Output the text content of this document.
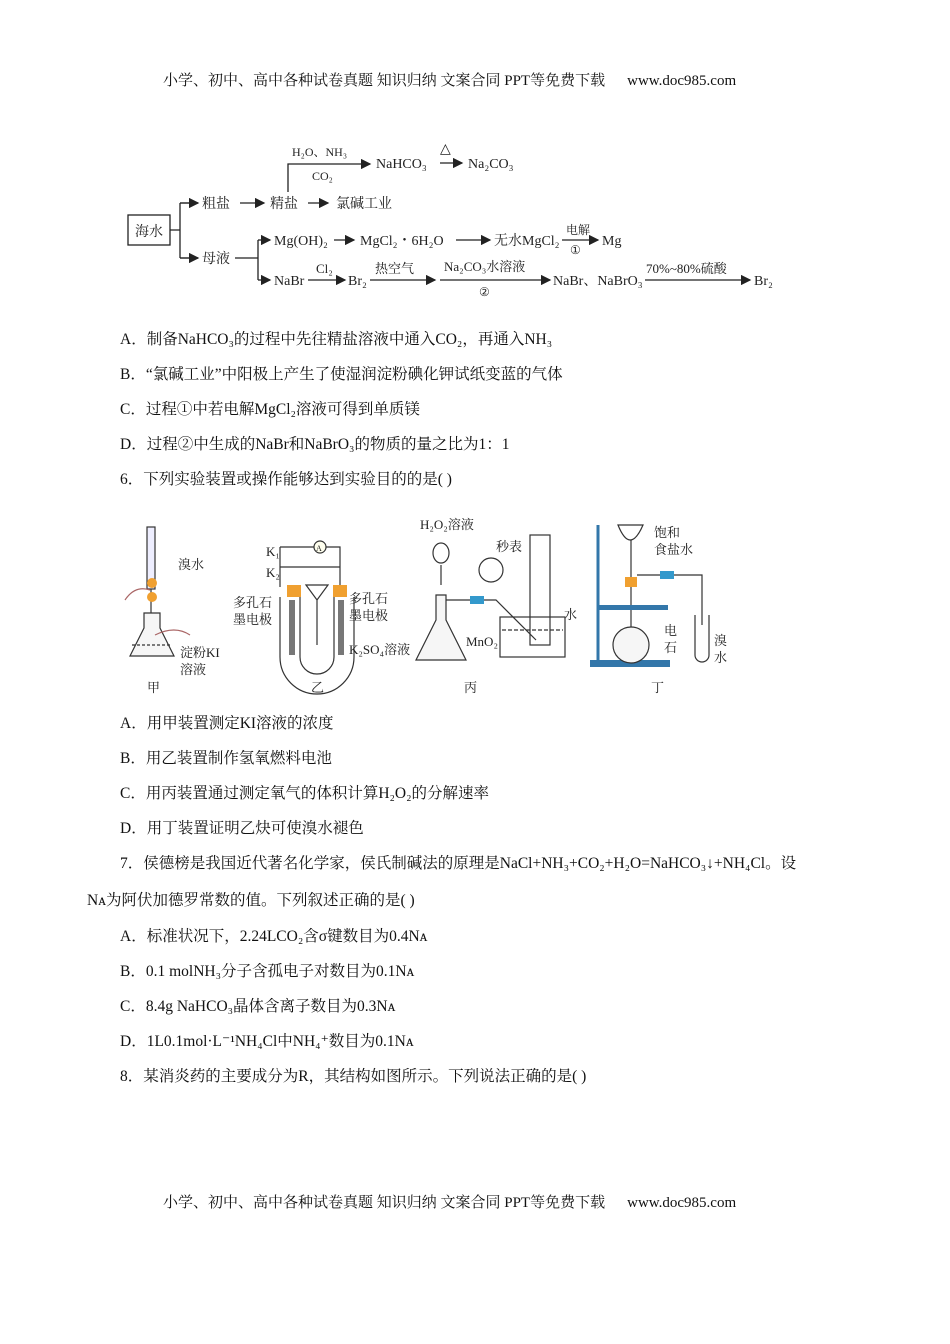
小学、初中、高中各种试卷真题 知识归纳 文案合同 PPT等免费下载 www.doc985.com
海水
粗盐	精盐	氯碱工业
H₂O、NH₃
CO₂
NaHCO₃
△
Na₂CO₃
母液
Mg(OH)₂ MgCl₂・6H₂O	无水MgCl₂
电解
①
Mg
NaBr
Cl₂
Br₂
热空气 Na₂CO₃水溶液
②
NaBr、NaBrO₃
70%~80%硫酸
Br₂
A．制备NaHCO₃的过程中先往精盐溶液中通入CO₂，再通入NH₃
B．“氯碱工业”中阳极上产生了使湿润淀粉碘化钾试纸变蓝的气体
C．过程①中若电解MgCl₂溶液可得到单质镁
D．过程②中生成的NaBr和NaBrO₃的物质的量之比为1：1
6．下列实验装置或操作能够达到实验目的的是( )
溴水
淀粉KI
溶液
甲
K₁
K₂
A
多孔石
墨电极
多孔石
墨电极
K₂SO₄溶液
乙
H₂O₂溶液
秒表
MnO₂
水
丙
饱和
食盐水
电
石	溴
水
丁
A．用甲装置测定KI溶液的浓度
B．用乙装置制作氢氧燃料电池
C．用丙装置通过测定氧气的体积计算H₂O₂的分解速率
D．用丁装置证明乙炔可使溴水褪色
7．侯德榜是我国近代著名化学家，侯氏制碱法的原理是NaCl+NH₃+CO₂+H₂O=NaHCO₃↓+NH₄Cl。设
Nᴀ为阿伏加德罗常数的值。下列叙述正确的是( )
A．标准状况下，2.24LCO₂含σ键数目为0.4Nᴀ
B．0.1 molNH₃分子含孤电子对数目为0.1Nᴀ
C．8.4g NaHCO₃晶体含离子数目为0.3Nᴀ
D．1L0.1mol·L⁻¹NH₄Cl中NH₄⁺数目为0.1Nᴀ
8．某消炎药的主要成分为R，其结构如图所示。下列说法正确的是( )
小学、初中、高中各种试卷真题 知识归纳 文案合同 PPT等免费下载 www.doc985.com
